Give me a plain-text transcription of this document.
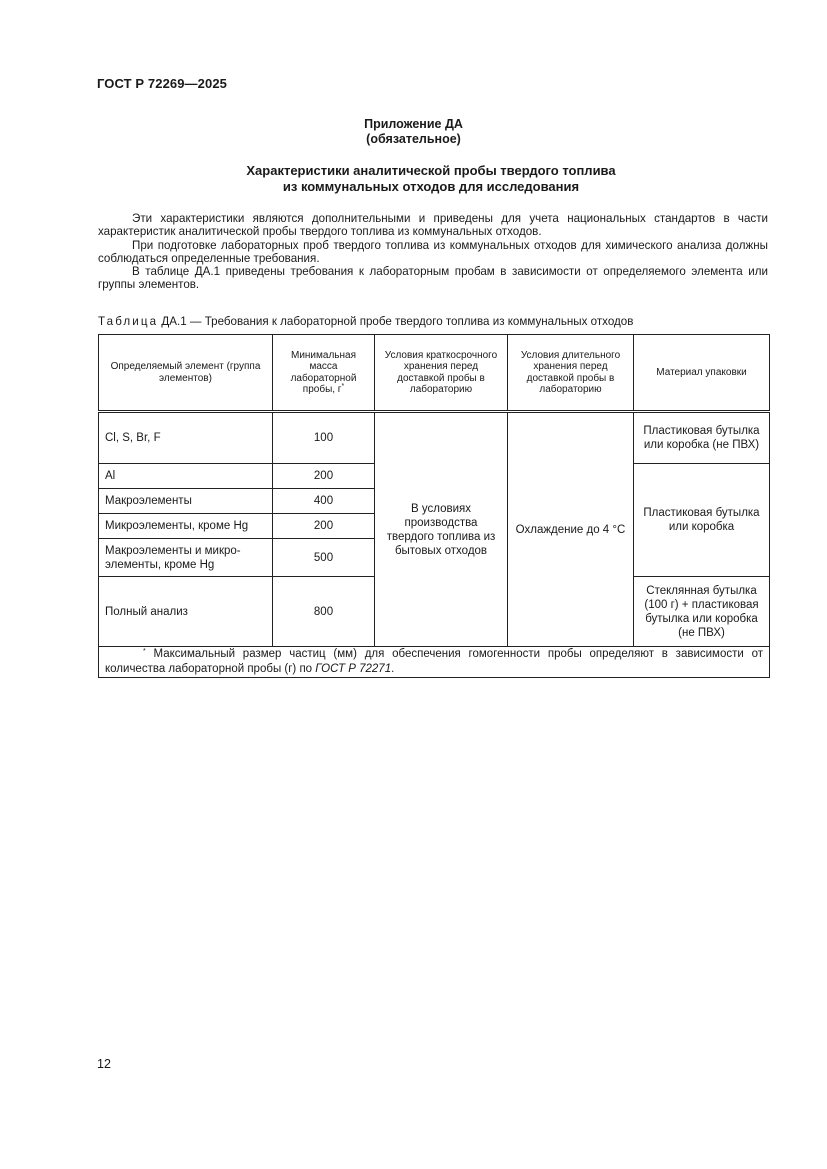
ГОСТ Р 72269—2025
Приложение ДА
(обязательное)
Характеристики аналитической пробы твердого топлива
из коммунальных отходов для исследования

Эти характеристики являются дополнительными и приведены для учета национальных стандартов в части характеристик аналитической пробы твердого топлива из коммунальных отходов.

При подготовке лабораторных проб твердого топлива из коммунальных отходов для химического анализа должны соблюдаться определенные требования.

В таблице ДА.1 приведены требования к лабораторным пробам в зависимости от определяемого элемента или группы элементов.

Таблица ДА.1 — Требования к лабораторной пробе твердого топлива из коммунальных отходов
Определяемый элемент (группа элементов)	Минимальная масса лабораторной пробы, г*	Условия краткосрочного хранения перед доставкой пробы в лабораторию	Условия длительного хранения перед доставкой пробы в лабораторию	Материал упаковки
Cl, S, Br, F	100	В условиях производства твердого топлива из бытовых отходов	Охлаждение до 4 °С	Пластиковая бутылка или коробка (не ПВХ)
Al	200			Пластиковая бутылка или коробка
Макроэлементы	400			
Микроэлементы, кроме Hg	200			
Макроэлементы и микро-элементы, кроме Hg	500			
Полный анализ	800			Стеклянная бутылка (100 г) + пластиковая бутылка или коробка (не ПВХ)
* Максимальный размер частиц (мм) для обеспечения гомогенности пробы определяют в зависимости от количества лабораторной пробы (г) по ГОСТ Р 72271.				
12
